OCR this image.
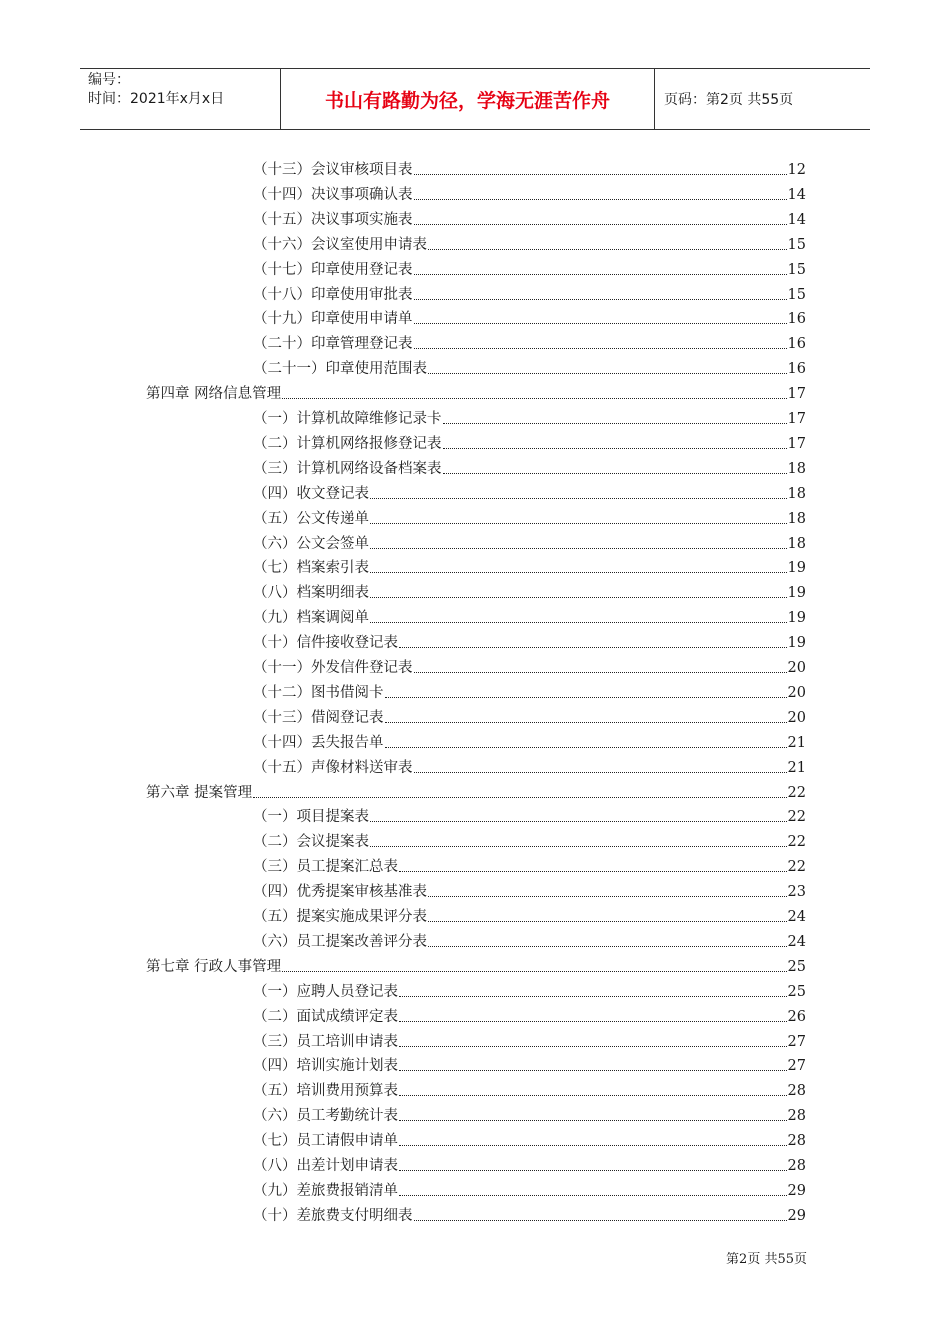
编号：
时间：2021年x月x日	书山有路勤为径，学海无涯苦作舟	页码：第2页 共55页
（十三）会议审核项目表	12
（十四）决议事项确认表	14
（十五）决议事项实施表	14
（十六）会议室使用申请表	15
（十七）印章使用登记表	15
（十八）印章使用审批表	15
（十九）印章使用申请单	16
（二十）印章管理登记表	16
（二十一）印章使用范围表	16
第四章 网络信息管理	17
（一）计算机故障维修记录卡	17
（二）计算机网络报修登记表	17
（三）计算机网络设备档案表	18
（四）收文登记表	18
（五）公文传递单	18
（六）公文会签单	18
（七）档案索引表	19
（八）档案明细表	19
（九）档案调阅单	19
（十）信件接收登记表	19
（十一）外发信件登记表	20
（十二）图书借阅卡	20
（十三）借阅登记表	20
（十四）丢失报告单	21
（十五）声像材料送审表	21
第六章 提案管理	22
（一）项目提案表	22
（二）会议提案表	22
（三）员工提案汇总表	22
（四）优秀提案审核基准表	23
（五）提案实施成果评分表	24
（六）员工提案改善评分表	24
第七章 行政人事管理	25
（一）应聘人员登记表	25
（二）面试成绩评定表	26
（三）员工培训申请表	27
（四）培训实施计划表	27
（五）培训费用预算表	28
（六）员工考勤统计表	28
（七）员工请假申请单	28
（八）出差计划申请表	28
（九）差旅费报销清单	29
（十）差旅费支付明细表	29
第2页 共55页
